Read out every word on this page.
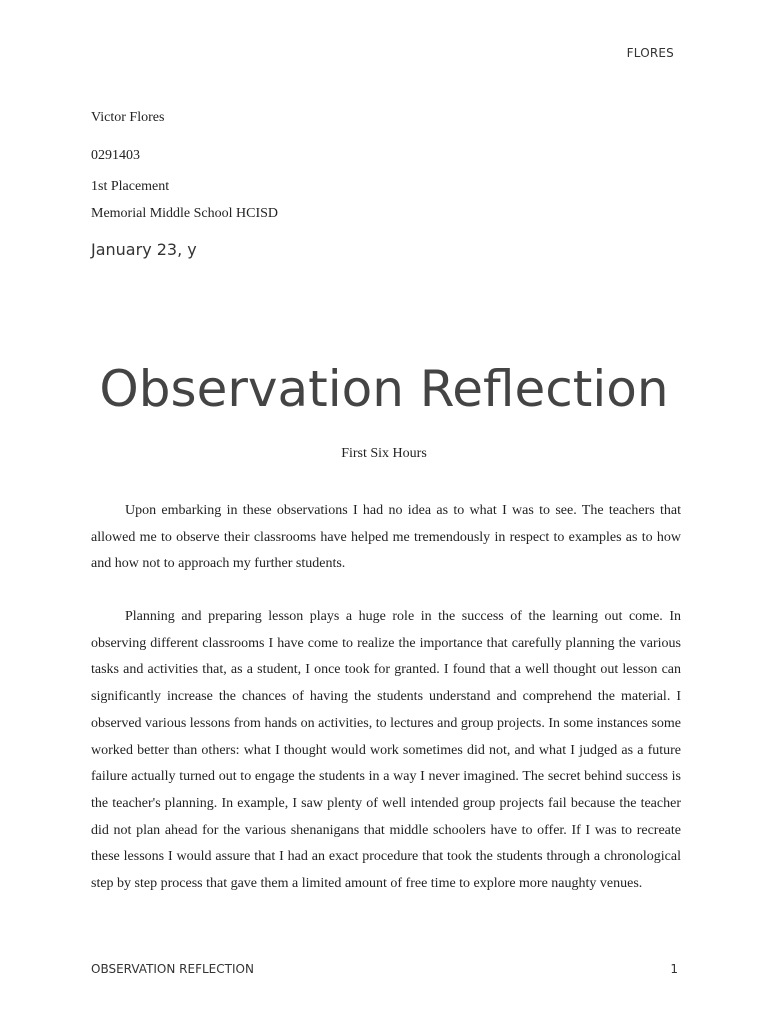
FLORES
Victor Flores
0291403
1st Placement
Memorial Middle School HCISD
January 23, y
Observation Reflection
First Six Hours

Upon embarking in these observations I had no idea as to what I was to see. The teachers that allowed me to observe their classrooms have helped me tremendously in respect to examples as to how and how not to approach my further students.

Planning and preparing lesson plays a huge role in the success of the learning out come. In observing different classrooms I have come to realize the importance that carefully planning the various tasks and activities that, as a student, I once took for granted. I found that a well thought out lesson can significantly increase the chances of having the students understand and comprehend the material. I observed various lessons from hands on activities, to lectures and group projects. In some instances some worked better than others: what I thought would work sometimes did not, and what I judged as a future failure actually turned out to engage the students in a way I never imagined. The secret behind success is the teacher's planning. In example, I saw plenty of well intended group projects fail because the teacher did not plan ahead for the various shenanigans that middle schoolers have to offer. If I was to recreate these lessons I would assure that I had an exact procedure that took the students through a chronological step by step process that gave them a limited amount of free time to explore more naughty venues.

OBSERVATION REFLECTION	1
